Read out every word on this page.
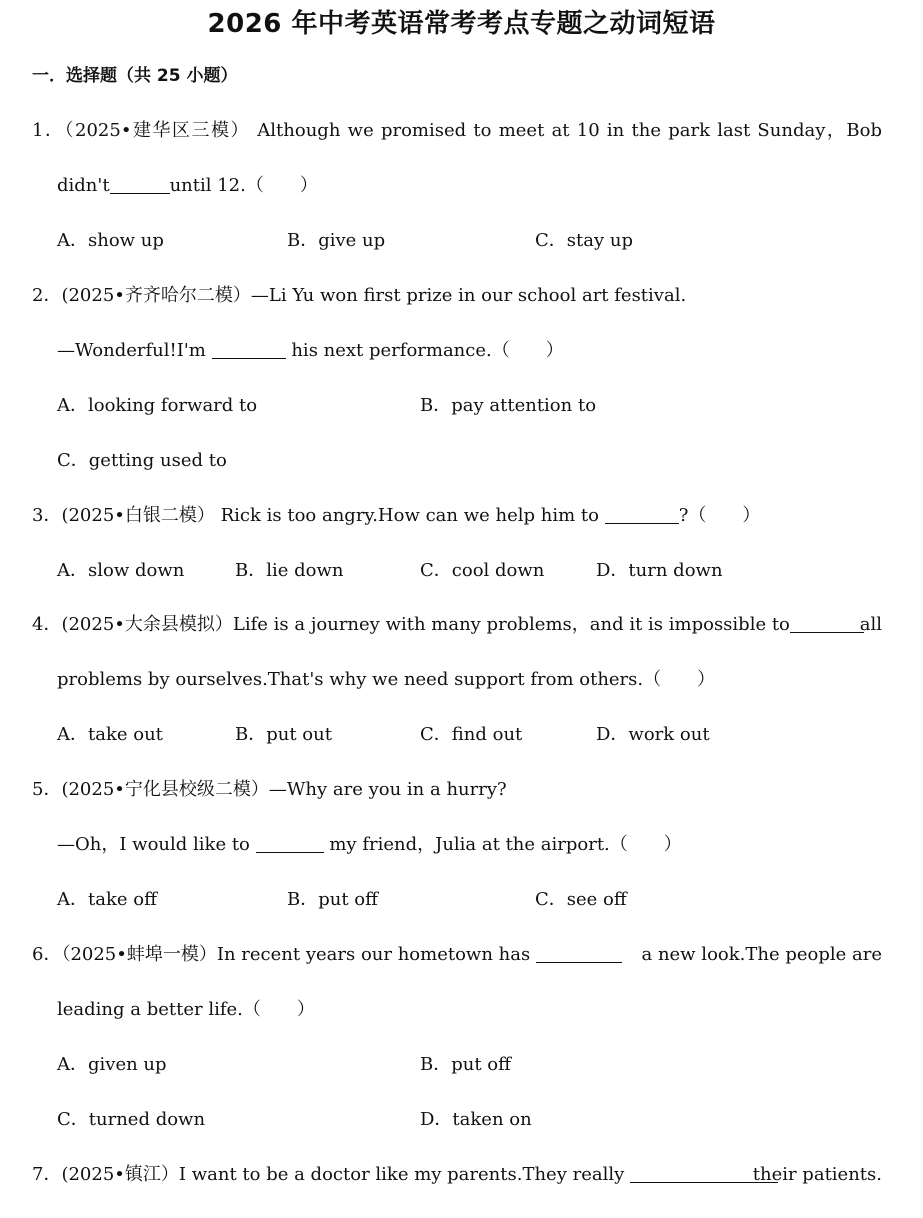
2026 年中考英语常考考点专题之动词短语
一．选择题（共 25 小题）
1．（2025•建华区三模） Although we promised to meet at 10 in the park last Sunday，Bob
didn't	until 12.（　　）
A．show up	B．give up	C．stay up
2．(2025•齐齐哈尔二模）—Li Yu won first prize in our school art festival.
—Wonderful!I'm	his next performance.（　　）
A．looking forward to	B．pay attention to
C．getting used to
3．(2025•白银二模） Rick is too angry.How can we help him to	?（　　）
A．slow down	B．lie down	C．cool down	D．turn down
4．(2025•大余县模拟）Life is a journey with many problems，and it is impossible to	all
problems by ourselves.That's why we need support from others.（　　）
A．take out	B．put out	C．find out	D．work out
5．(2025•宁化县校级二模）—Why are you in a hurry?
—Oh，I would like to	my friend，Julia at the airport.（　　）
A．take off	B．put off	C．see off
6．（2025•蚌埠一模）In recent years our hometown has	a new look.The people are
leading a better life.（　　）
A．given up	B．put off
C．turned down	D．taken on
7．(2025•镇江）I want to be a doctor like my parents.They really	their patients.
